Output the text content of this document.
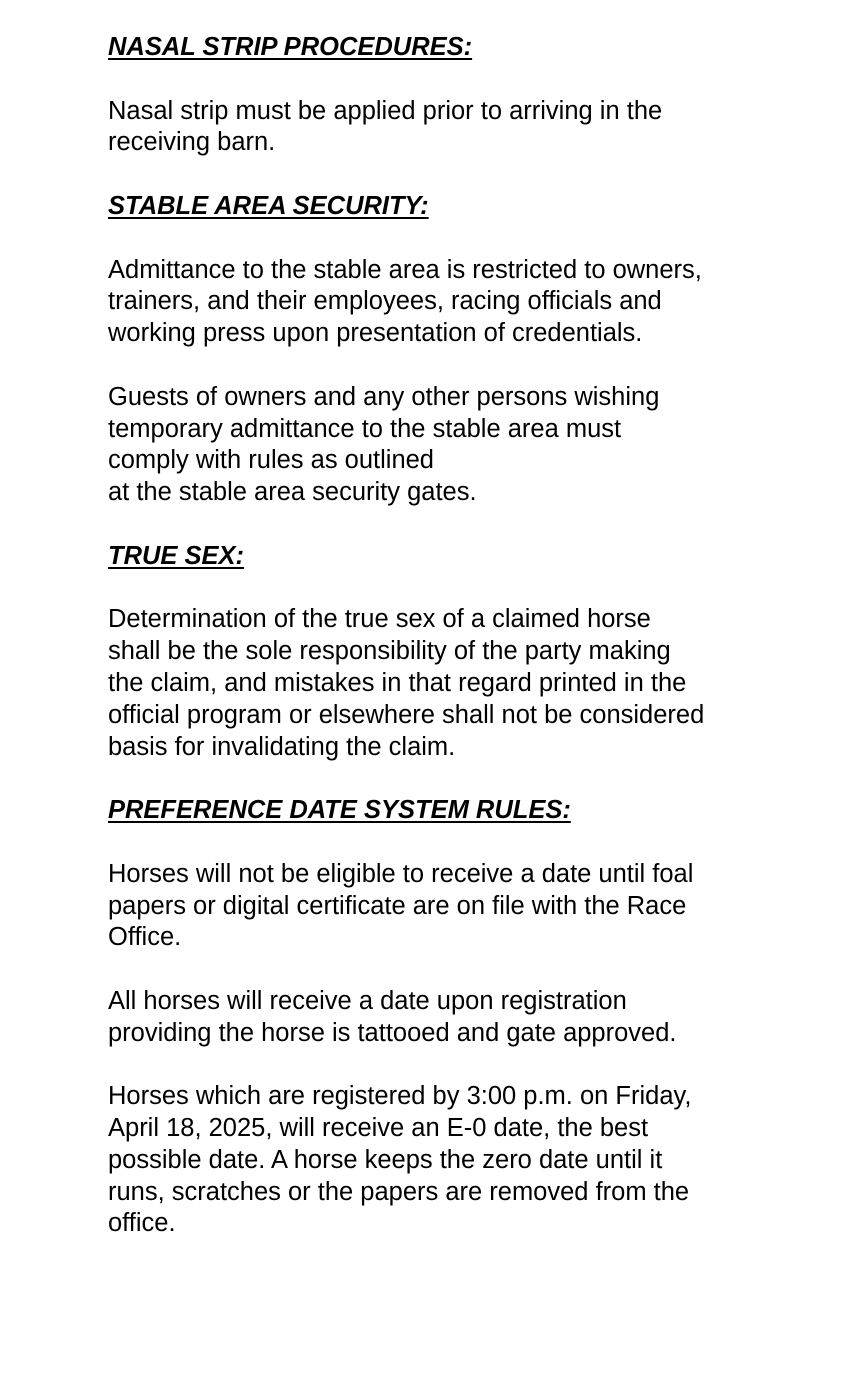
NASAL STRIP PROCEDURES:

Nasal strip must be applied prior to arriving in the
receiving barn.

STABLE AREA SECURITY:

Admittance to the stable area is restricted to owners,
trainers, and their employees, racing officials and
working press upon presentation of credentials.

Guests of owners and any other persons wishing
temporary admittance to the stable area must
comply with rules as outlined
at the stable area security gates.

TRUE SEX:

Determination of the true sex of a claimed horse
shall be the sole responsibility of the party making
the claim, and mistakes in that regard printed in the
official program or elsewhere shall not be considered
basis for invalidating the claim.

PREFERENCE DATE SYSTEM RULES:

Horses will not be eligible to receive a date until foal
papers or digital certificate are on file with the Race
Office.

All horses will receive a date upon registration
providing the horse is tattooed and gate approved.

Horses which are registered by 3:00 p.m. on Friday,
April 18, 2025, will receive an E-0 date, the best
possible date. A horse keeps the zero date until it
runs, scratches or the papers are removed from the
office.
